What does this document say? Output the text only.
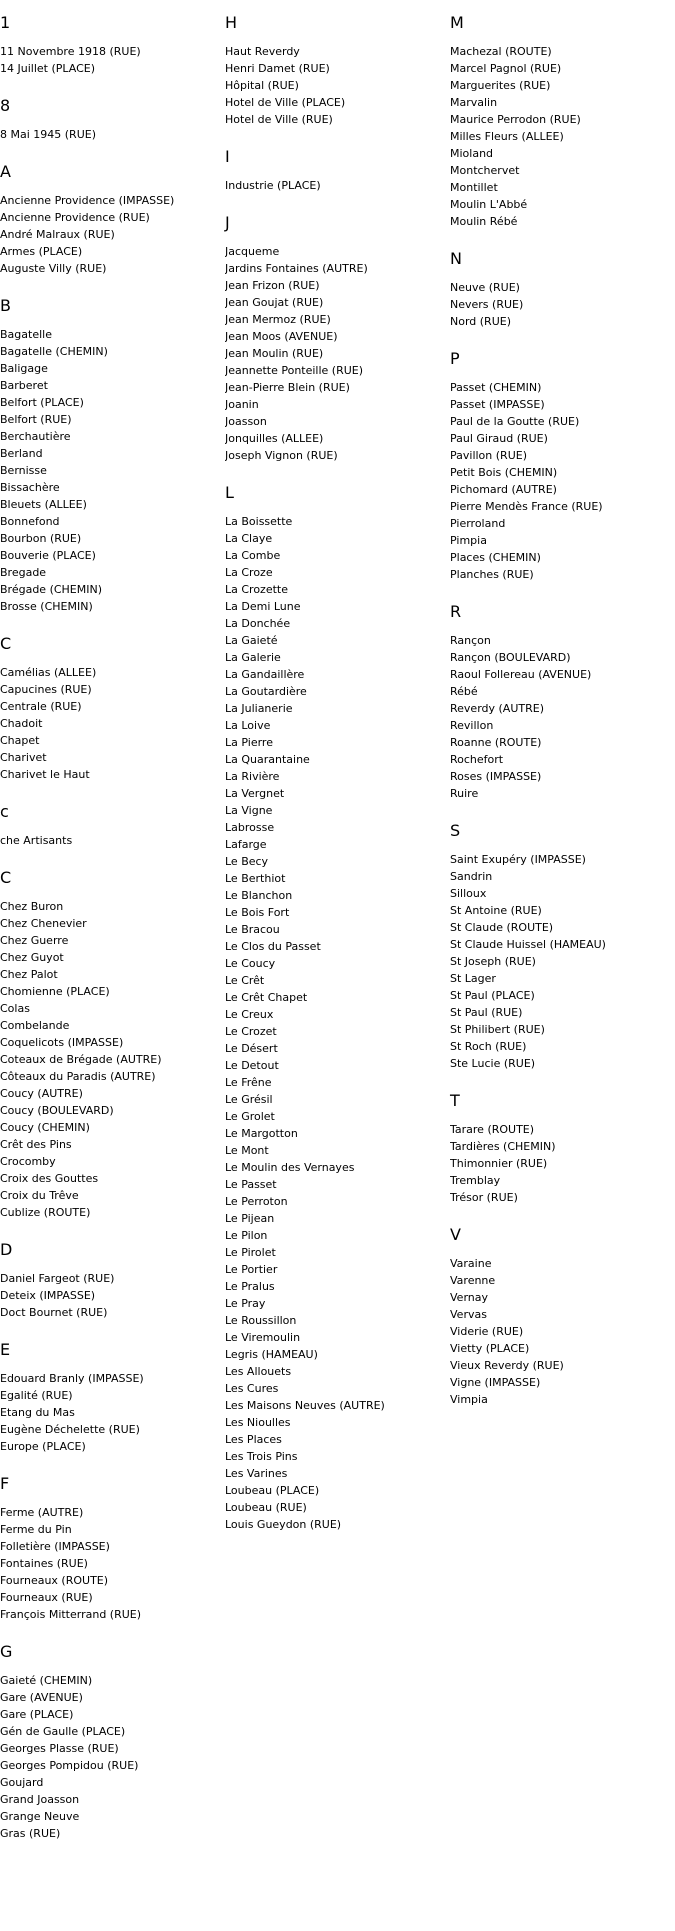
1
11 Novembre 1918 (RUE)
14 Juillet (PLACE)
8
8 Mai 1945 (RUE)
A
Ancienne Providence (IMPASSE)
Ancienne Providence (RUE)
André Malraux (RUE)
Armes (PLACE)
Auguste Villy (RUE)
B
Bagatelle
Bagatelle (CHEMIN)
Baligage
Barberet
Belfort (PLACE)
Belfort (RUE)
Berchautière
Berland
Bernisse
Bissachère
Bleuets (ALLEE)
Bonnefond
Bourbon (RUE)
Bouverie (PLACE)
Bregade
Brégade (CHEMIN)
Brosse (CHEMIN)
C
Camélias (ALLEE)
Capucines (RUE)
Centrale (RUE)
Chadoit
Chapet
Charivet
Charivet le Haut
c
che Artisants
C
Chez Buron
Chez Chenevier
Chez Guerre
Chez Guyot
Chez Palot
Chomienne (PLACE)
Colas
Combelande
Coquelicots (IMPASSE)
Coteaux de Brégade (AUTRE)
Côteaux du Paradis (AUTRE)
Coucy (AUTRE)
Coucy (BOULEVARD)
Coucy (CHEMIN)
Crêt des Pins
Crocomby
Croix des Gouttes
Croix du Trêve
Cublize (ROUTE)
D
Daniel Fargeot (RUE)
Deteix (IMPASSE)
Doct Bournet (RUE)
E
Edouard Branly (IMPASSE)
Egalité (RUE)
Etang du Mas
Eugène Déchelette (RUE)
Europe (PLACE)
F
Ferme (AUTRE)
Ferme du Pin
Folletière (IMPASSE)
Fontaines (RUE)
Fourneaux (ROUTE)
Fourneaux (RUE)
François Mitterrand (RUE)
G
Gaieté (CHEMIN)
Gare (AVENUE)
Gare (PLACE)
Gén de Gaulle (PLACE)
Georges Plasse (RUE)
Georges Pompidou (RUE)
Goujard
Grand Joasson
Grange Neuve
Gras (RUE)
H
Haut Reverdy
Henri Damet (RUE)
Hôpital (RUE)
Hotel de Ville (PLACE)
Hotel de Ville (RUE)
I
Industrie (PLACE)
J
Jacqueme
Jardins Fontaines (AUTRE)
Jean Frizon (RUE)
Jean Goujat (RUE)
Jean Mermoz (RUE)
Jean Moos (AVENUE)
Jean Moulin (RUE)
Jeannette Ponteille (RUE)
Jean-Pierre Blein (RUE)
Joanin
Joasson
Jonquilles (ALLEE)
Joseph Vignon (RUE)
L
La Boissette
La Claye
La Combe
La Croze
La Crozette
La Demi Lune
La Donchée
La Gaieté
La Galerie
La Gandaillère
La Goutardière
La Julianerie
La Loive
La Pierre
La Quarantaine
La Rivière
La Vergnet
La Vigne
Labrosse
Lafarge
Le Becy
Le Berthiot
Le Blanchon
Le Bois Fort
Le Bracou
Le Clos du Passet
Le Coucy
Le Crêt
Le Crêt Chapet
Le Creux
Le Crozet
Le Désert
Le Detout
Le Frêne
Le Grésil
Le Grolet
Le Margotton
Le Mont
Le Moulin des Vernayes
Le Passet
Le Perroton
Le Pijean
Le Pilon
Le Pirolet
Le Portier
Le Pralus
Le Pray
Le Roussillon
Le Viremoulin
Legris (HAMEAU)
Les Allouets
Les Cures
Les Maisons Neuves (AUTRE)
Les Nioulles
Les Places
Les Trois Pins
Les Varines
Loubeau (PLACE)
Loubeau (RUE)
Louis Gueydon (RUE)
M
Machezal (ROUTE)
Marcel Pagnol (RUE)
Marguerites (RUE)
Marvalin
Maurice Perrodon (RUE)
Milles Fleurs (ALLEE)
Mioland
Montchervet
Montillet
Moulin L'Abbé
Moulin Rébé
N
Neuve (RUE)
Nevers (RUE)
Nord (RUE)
P
Passet (CHEMIN)
Passet (IMPASSE)
Paul de la Goutte (RUE)
Paul Giraud (RUE)
Pavillon (RUE)
Petit Bois (CHEMIN)
Pichomard (AUTRE)
Pierre Mendès France (RUE)
Pierroland
Pimpia
Places (CHEMIN)
Planches (RUE)
R
Rançon
Rançon (BOULEVARD)
Raoul Follereau (AVENUE)
Rébé
Reverdy (AUTRE)
Revillon
Roanne (ROUTE)
Rochefort
Roses (IMPASSE)
Ruire
S
Saint Exupéry (IMPASSE)
Sandrin
Silloux
St Antoine (RUE)
St Claude (ROUTE)
St Claude Huissel (HAMEAU)
St Joseph (RUE)
St Lager
St Paul (PLACE)
St Paul (RUE)
St Philibert (RUE)
St Roch (RUE)
Ste Lucie (RUE)
T
Tarare (ROUTE)
Tardières (CHEMIN)
Thimonnier (RUE)
Tremblay
Trésor (RUE)
V
Varaine
Varenne
Vernay
Vervas
Viderie (RUE)
Vietty (PLACE)
Vieux Reverdy (RUE)
Vigne (IMPASSE)
Vimpia
